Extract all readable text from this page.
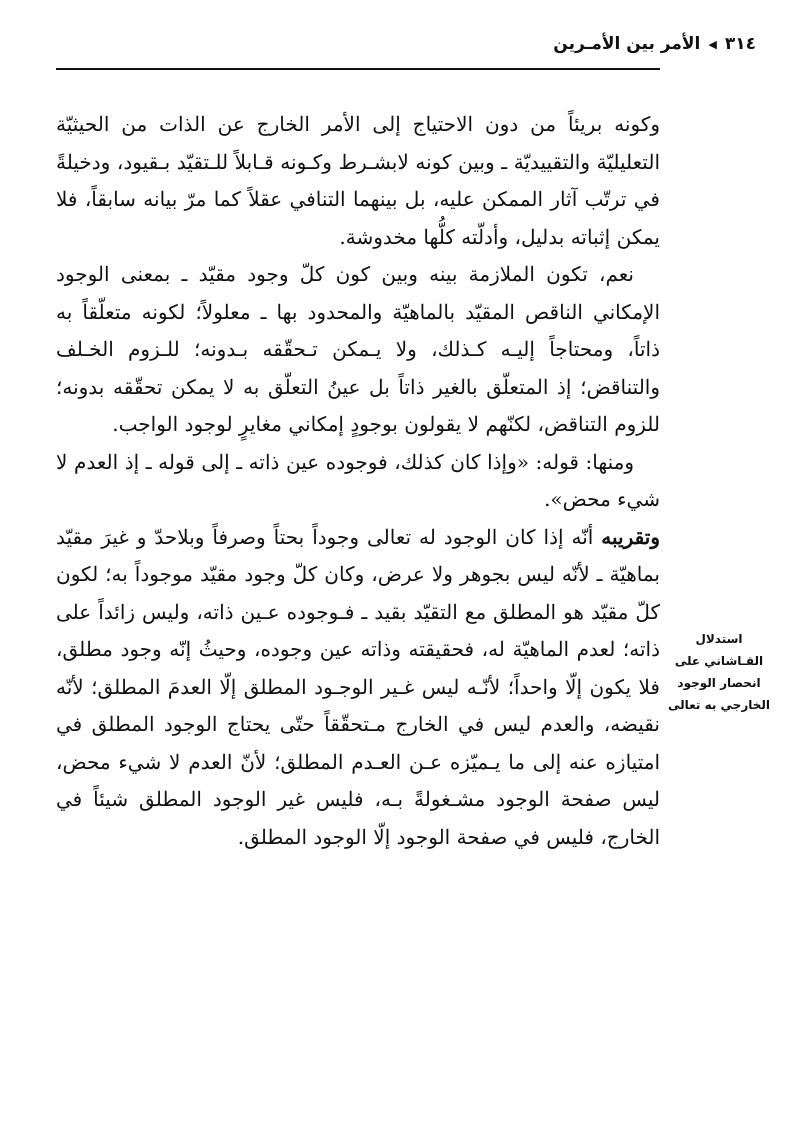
٣١٤
◀
الأمر بين الأمـرين

وكونه بريئاً من دون الاحتياج إلى الأمر الخارج عن الذات من الحيثيّة التعليليّة والتقييديّة ـ وبين كونه لابشـرط وكـونه قـابلاً للـتقيّد بـقيود، ودخيلةً في ترتّب آثار الممكن عليه، بل بينهما التنافي عقلاً كما مرّ بيانه سابقاً، فلا يمكن إثباته بدليل، وأدلّته كلُّها مخدوشة.

نعم، تكون الملازمة بينه وبين كون كلّ وجود مقيّد ـ بمعنى الوجود الإمكاني الناقص المقيّد بالماهيّة والمحدود بها ـ معلولاً؛ لكونه متعلّقاً به ذاتاً، ومحتاجاً إليـه كـذلك، ولا يـمكن تـحقّقه بـدونه؛ للـزوم الخـلف والتناقض؛ إذ المتعلّق بالغير ذاتاً بل عينُ التعلّق به لا يمكن تحقّقه بدونه؛ للزوم التناقض، لكنّهم لا يقولون بوجودٍ إمكاني مغايرٍ لوجود الواجب.

ومنها: قوله: «وإذا كان كذلك، فوجوده عين ذاته ـ إلى قوله ـ إذ العدم لا شيء محض».

وتقريبه أنّه إذا كان الوجود له تعالى وجوداً بحتاً وصرفاً وبلاحدّ و غيرَ مقيّد بماهيّة ـ لأنّه ليس بجوهر ولا عرض، وكان كلّ وجود مقيّد موجوداً به؛ لكون كلّ مقيّد هو المطلق مع التقيّد بقيد ـ فـوجوده عـين ذاته، وليس زائداً على ذاته؛ لعدم الماهيّة له، فحقيقته وذاته عين وجوده، وحيثُ إنّه وجود مطلق، فلا يكون إلّا واحداً؛ لأنّـه ليس غـير الوجـود المطلق إلّا العدمَ المطلق؛ لأنّه نقيضه، والعدم ليس في الخارج مـتحقّقاً حتّى يحتاج الوجود المطلق في امتيازه عنه إلى ما يـميّزه عـن العـدم المطلق؛ لأنّ العدم لا شيء محض، ليس صفحة الوجود مشـغولةً بـه، فليس غير الوجود المطلق شيئاً في الخارج، فليس في صفحة الوجود إلّا الوجود المطلق.

استدلال القـاشاني على انحصار الوجود الخارجي به تعالى
